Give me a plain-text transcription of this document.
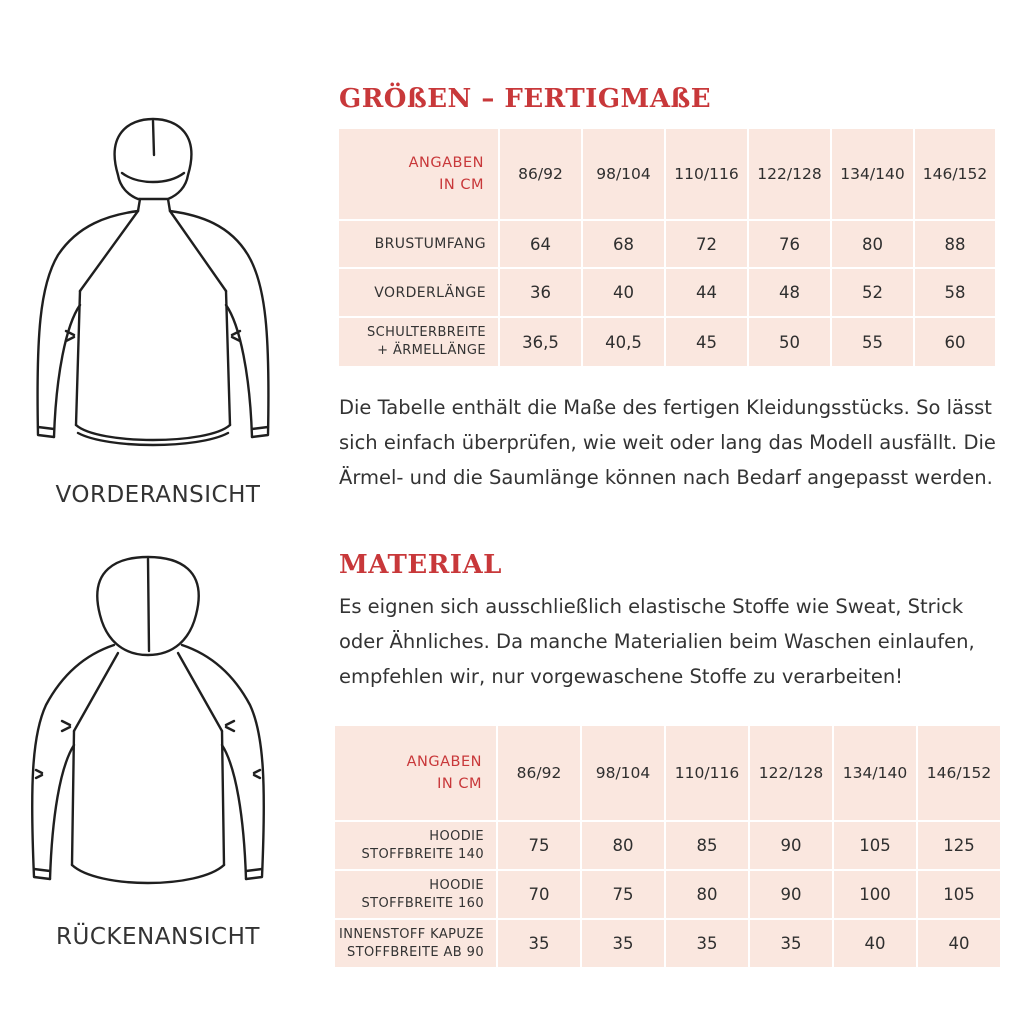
VORDERANSICHT
RÜCKENANSICHT
GRÖßEN – FERTIGMAßE
ANGABEN
IN CM	86/92	98/104	110/116	122/128	134/140	146/152
BRUSTUMFANG	64	68	72	76	80	88
VORDERLÄNGE	36	40	44	48	52	58

SCHULTERBREITE
+ ÄRMELLÄNGE	36,5	40,5	45	50	55	60

Die Tabelle enthält die Maße des fertigen Kleidungsstücks. So lässt sich einfach überprüfen, wie weit oder lang das Modell ausfällt. Die Ärmel- und die Saumlänge können nach Bedarf angepasst werden.

MATERIAL

Es eignen sich ausschließlich elastische Stoffe wie Sweat, Strick oder Ähnliches. Da manche Materialien beim Waschen einlaufen, empfehlen wir, nur vorgewaschene Stoffe zu verarbeiten!

ANGABEN
IN CM	86/92	98/104	110/116	122/128	134/140	146/152

HOODIE
STOFFBREITE 140	75	80	85	90	105	125

HOODIE
STOFFBREITE 160	70	75	80	90	100	105

INNENSTOFF KAPUZE
STOFFBREITE AB 90	35	35	35	35	40	40
